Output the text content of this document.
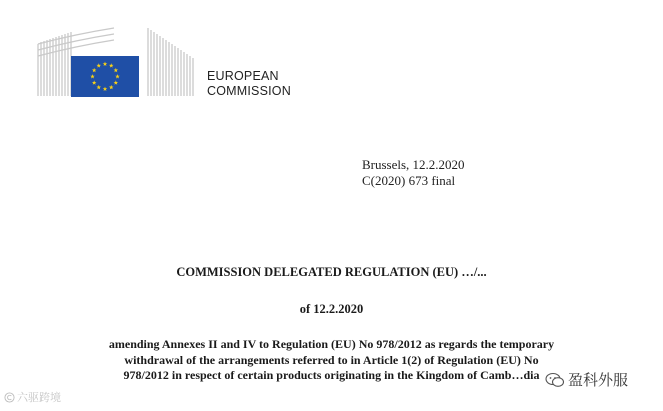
EUROPEAN
COMMISSION
Brussels, 12.2.2020
C(2020) 673 final
COMMISSION DELEGATED REGULATION (EU) …/...
of 12.2.2020
amending Annexes II and IV to Regulation (EU) No 978/2012 as regards the temporary
withdrawal of the arrangements referred to in Article 1(2) of Regulation (EU) No
978/2012 in respect of certain products originating in the Kingdom of Camb…dia
六驱跨境
盈科外服
